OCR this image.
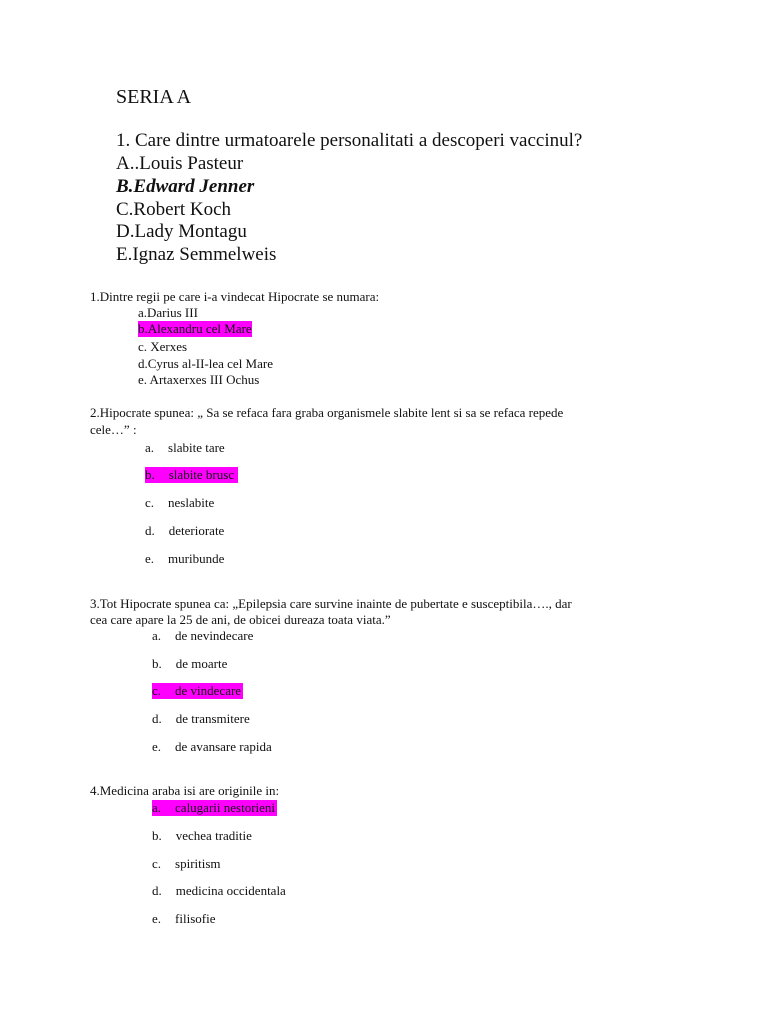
SERIA A
1. Care dintre urmatoarele personalitati a descoperi vaccinul?
A..Louis Pasteur
B.Edward Jenner
C.Robert Koch
D.Lady Montagu
E.Ignaz Semmelweis
1.Dintre regii pe care i-a vindecat Hipocrate se numara:
a.Darius III
b.Alexandru cel Mare
c. Xerxes
d.Cyrus al-II-lea cel Mare
e. Artaxerxes III Ochus
2.Hipocrate spunea: „ Sa se refaca fara graba organismele slabite lent si sa se refaca repede
cele…” :
a. slabite tare
b. slabite brusc
c. neslabite
d. deteriorate
e. muribunde
3.Tot Hipocrate spunea ca: „Epilepsia care survine inainte de pubertate e susceptibila…., dar
cea care apare la 25 de ani, de obicei dureaza toata viata.”
a. de nevindecare
b. de moarte
c. de vindecare
d. de transmitere
e. de avansare rapida
4.Medicina araba isi are originile in:
a. calugarii nestorieni
b. vechea traditie
c. spiritism
d. medicina occidentala
e. filisofie
